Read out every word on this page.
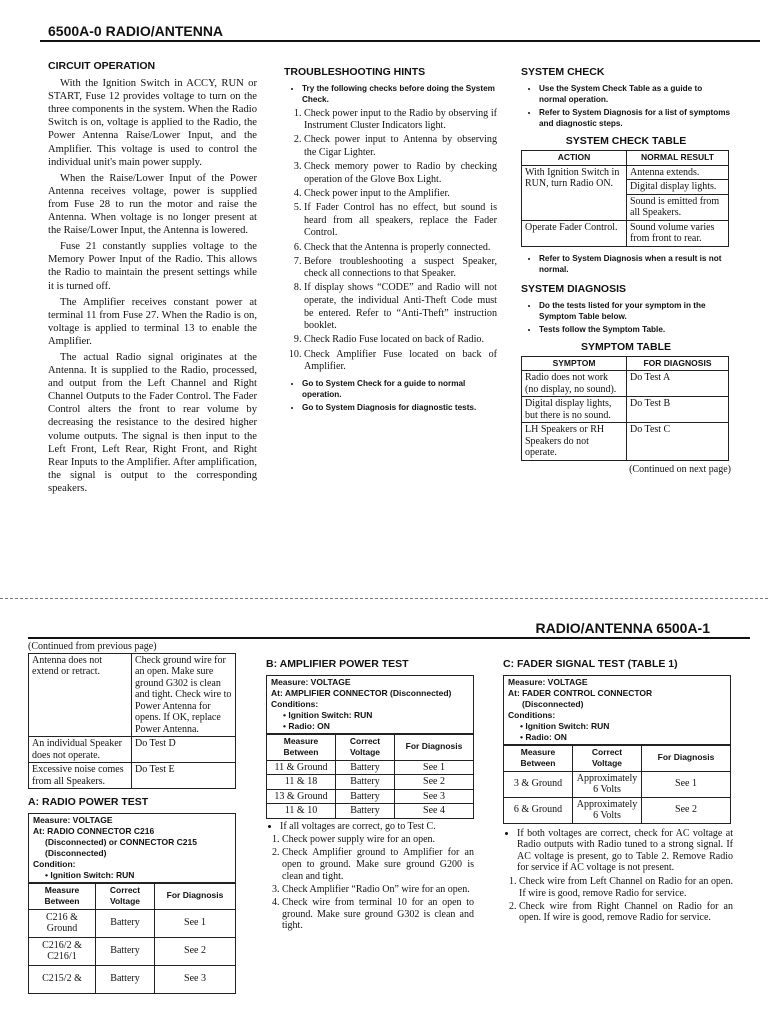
6500A-0 RADIO/ANTENNA
CIRCUIT OPERATION

With the Ignition Switch in ACCY, RUN or START, Fuse 12 provides voltage to turn on the three components in the system. When the Radio Switch is on, voltage is applied to the Radio, the Power Antenna Raise/Lower Input, and the Amplifier. This voltage is used to control the individual unit's main power supply.

When the Raise/Lower Input of the Power Antenna receives voltage, power is supplied from Fuse 28 to run the motor and raise the Antenna. When voltage is no longer present at the Raise/Lower Input, the Antenna is lowered.

Fuse 21 constantly supplies voltage to the Memory Power Input of the Radio. This allows the Radio to maintain the present settings while it is turned off.

The Amplifier receives constant power at terminal 11 from Fuse 27. When the Radio is on, voltage is applied to terminal 13 to enable the Amplifier.

The actual Radio signal originates at the Antenna. It is supplied to the Radio, processed, and output from the Left Channel and Right Channel Outputs to the Fader Control. The Fader Control alters the front to rear volume by decreasing the resistance to the desired higher volume outputs. The signal is then input to the Left Front, Left Rear, Right Front, and Right Rear Inputs to the Amplifier. After amplification, the signal is output to the corresponding speakers.

TROUBLESHOOTING HINTS
• Try the following checks before doing the System Check.
1. Check power input to the Radio by observing if Instrument Cluster Indicators light.
2. Check power input to Antenna by observing the Cigar Lighter.
3. Check memory power to Radio by checking operation of the Glove Box Light.
4. Check power input to the Amplifier.
5. If Fader Control has no effect, but sound is heard from all speakers, replace the Fader Control.
6. Check that the Antenna is properly connected.
7. Before troubleshooting a suspect Speaker, check all connections to that Speaker.
8. If display shows “CODE” and Radio will not operate, the individual Anti-Theft Code must be entered. Refer to “Anti-Theft” instruction booklet.
9. Check Radio Fuse located on back of Radio.
10. Check Amplifier Fuse located on back of Amplifier.
• Go to System Check for a guide to normal operation.
• Go to System Diagnosis for diagnostic tests.
SYSTEM CHECK
• Use the System Check Table as a guide to normal operation.
• Refer to System Diagnosis for a list of symptoms and diagnostic steps.
SYSTEM CHECK TABLE
ACTION	NORMAL RESULT
With Ignition Switch in RUN, turn Radio ON.	Antenna extends.
Digital display lights.
Sound is emitted from all Speakers.

Operate Fader Control.	Sound volume varies from front to rear.
• Refer to System Diagnosis when a result is not normal.
SYSTEM DIAGNOSIS
• Do the tests listed for your symptom in the Symptom Table below.
• Tests follow the Symptom Table.
SYMPTOM TABLE
SYMPTOM	FOR DIAGNOSIS
Radio does not work (no display, no sound).	Do Test A
Digital display lights, but there is no sound.	Do Test B
LH Speakers or RH Speakers do not operate.	Do Test C
(Continued on next page)
RADIO/ANTENNA 6500A-1
(Continued from previous page)
Antenna does not extend or retract.	Check ground wire for an open. Make sure ground G302 is clean and tight. Check wire to Power Antenna for opens. If OK, replace Power Antenna.
An individual Speaker does not operate.	Do Test D
Excessive noise comes from all Speakers.	Do Test E
A: RADIO POWER TEST
Measure: VOLTAGE
At: RADIO CONNECTOR C216
(Disconnected) or CONNECTOR C215
(Disconnected)
Condition:
• Ignition Switch: RUN
Measure Between	Correct Voltage	For Diagnosis
C216 & Ground	Battery	See 1
C216/2 & C216/1	Battery	See 2
C215/2 &	Battery	See 3
B: AMPLIFIER POWER TEST
Measure: VOLTAGE
At: AMPLIFIER CONNECTOR (Disconnected)
Conditions:
• Ignition Switch: RUN
• Radio: ON
Measure Between	Correct Voltage	For Diagnosis
11 & Ground	Battery	See 1
11 & 18	Battery	See 2
13 & Ground	Battery	See 3
11 & 10	Battery	See 4
• If all voltages are correct, go to Test C.
1. Check power supply wire for an open.
2. Check Amplifier ground to Amplifier for an open to ground. Make sure ground G200 is clean and tight.
3. Check Amplifier “Radio On” wire for an open.
4. Check wire from terminal 10 for an open to ground. Make sure ground G302 is clean and tight.
C: FADER SIGNAL TEST (TABLE 1)
Measure: VOLTAGE
At: FADER CONTROL CONNECTOR
(Disconnected)
Conditions:
• Ignition Switch: RUN
• Radio: ON
Measure Between	Correct Voltage	For Diagnosis
3 & Ground	Approximately 6 Volts	See 1
6 & Ground	Approximately 6 Volts	See 2
• If both voltages are correct, check for AC voltage at Radio outputs with Radio tuned to a strong signal. If AC voltage is present, go to Table 2. Remove Radio for service if AC voltage is not present.
1. Check wire from Left Channel on Radio for an open. If wire is good, remove Radio for service.
2. Check wire from Right Channel on Radio for an open. If wire is good, remove Radio for service.
